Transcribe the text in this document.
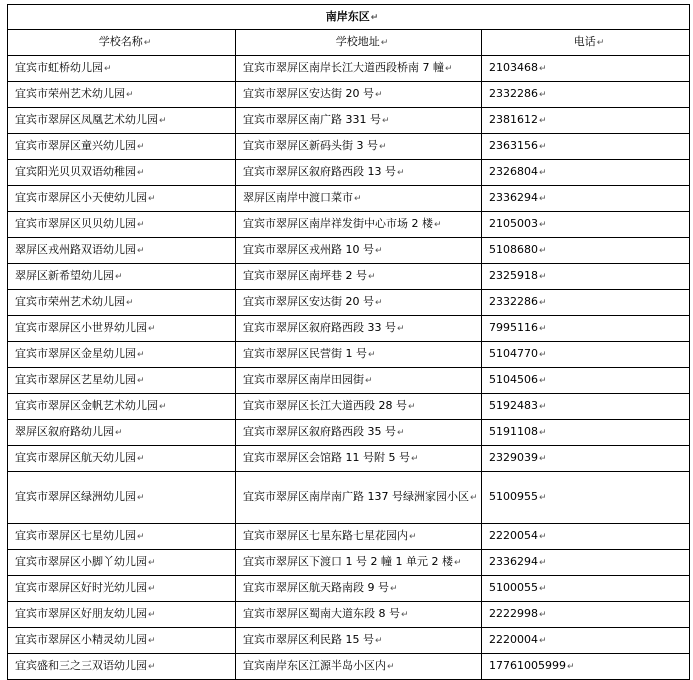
南岸东区↵		
学校名称↵	学校地址↵	电话↵
宜宾市虹桥幼儿园↵	宜宾市翠屏区南岸长江大道西段桥南 7 幢↵	2103468↵
宜宾市荣州艺术幼儿园↵	宜宾市翠屏区安达街 20 号↵	2332286↵
宜宾市翠屏区凤凰艺术幼儿园↵	宜宾市翠屏区南广路 331 号↵	2381612↵
宜宾市翠屏区童兴幼儿园↵	宜宾市翠屏区新码头街 3 号↵	2363156↵
宜宾阳光贝贝双语幼稚园↵	宜宾市翠屏区叙府路西段 13 号↵	2326804↵
宜宾市翠屏区小天使幼儿园↵	翠屏区南岸中渡口菜市↵	2336294↵
宜宾市翠屏区贝贝幼儿园↵	宜宾市翠屏区南岸祥发街中心市场 2 楼↵	2105003↵
翠屏区戎州路双语幼儿园↵	宜宾市翠屏区戎州路 10 号↵	5108680↵
翠屏区新希望幼儿园↵	宜宾市翠屏区南坪巷 2 号↵	2325918↵
宜宾市荣州艺术幼儿园↵	宜宾市翠屏区安达街 20 号↵	2332286↵
宜宾市翠屏区小世界幼儿园↵	宜宾市翠屏区叙府路西段 33 号↵	7995116↵
宜宾市翠屏区金星幼儿园↵	宜宾市翠屏区民营街 1 号↵	5104770↵
宜宾市翠屏区艺星幼儿园↵	宜宾市翠屏区南岸田园街↵	5104506↵
宜宾市翠屏区金帆艺术幼儿园↵	宜宾市翠屏区长江大道西段 28 号↵	5192483↵
翠屏区叙府路幼儿园↵	宜宾市翠屏区叙府路西段 35 号↵	5191108↵
宜宾市翠屏区航天幼儿园↵	宜宾市翠屏区会馆路 11 号附 5 号↵	2329039↵
宜宾市翠屏区绿洲幼儿园↵	宜宾市翠屏区南岸南广路 137 号绿洲家园小区↵	5100955↵
宜宾市翠屏区七星幼儿园↵	宜宾市翠屏区七星东路七星花园内↵	2220054↵
宜宾市翠屏区小脚丫幼儿园↵	宜宾市翠屏区下渡口 1 号 2 幢 1 单元 2 楼↵	2336294↵
宜宾市翠屏区好时光幼儿园↵	宜宾市翠屏区航天路南段 9 号↵	5100055↵
宜宾市翠屏区好朋友幼儿园↵	宜宾市翠屏区蜀南大道东段 8 号↵	2222998↵
宜宾市翠屏区小精灵幼儿园↵	宜宾市翠屏区利民路 15 号↵	2220004↵
宜宾盛和三之三双语幼儿园↵	宜宾南岸东区江源半岛小区内↵	17761005999↵
